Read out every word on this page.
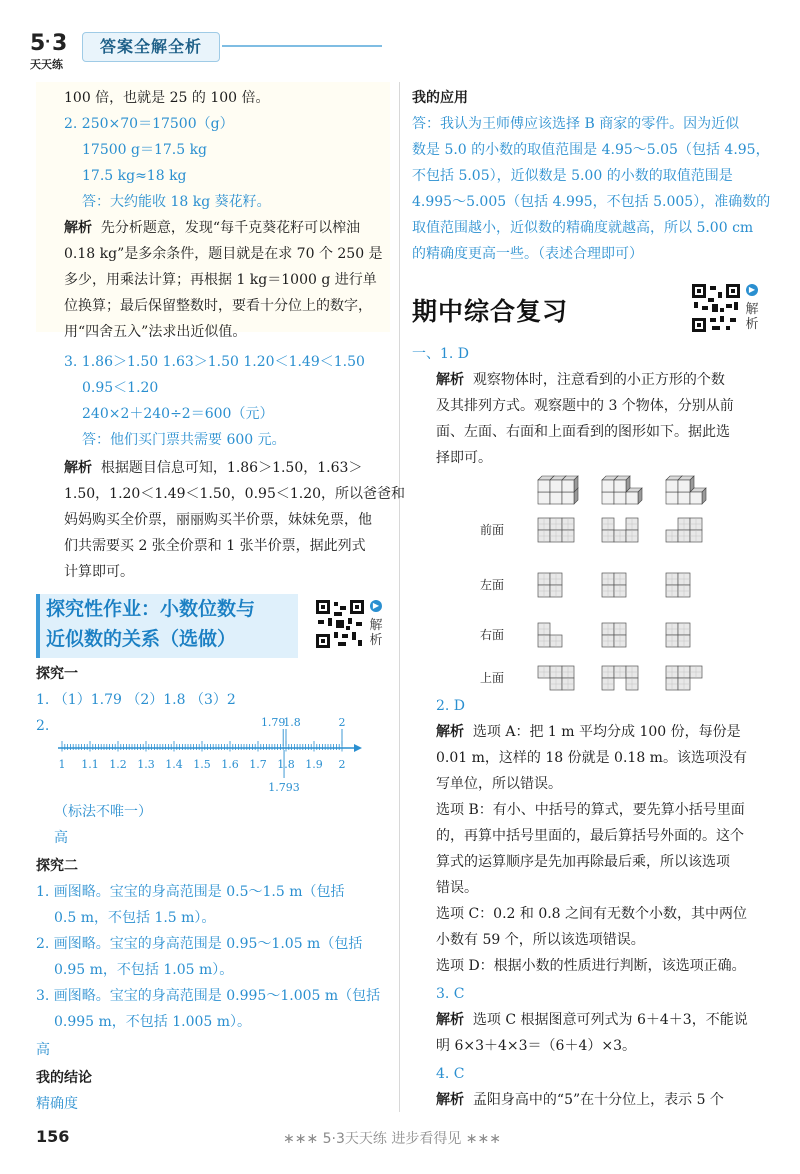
5 · 3
天天练
答案全解全析
100 倍，也就是 25 的 100 倍。
2. 250×70＝17500（g）
17500 g＝17.5 kg
17.5 kg≈18 kg
答：大约能收 18 kg 葵花籽。
解析 先分析题意，发现“每千克葵花籽可以榨油
0.18 kg”是多余条件，题目就是在求 70 个 250 是
多少，用乘法计算；再根据 1 kg＝1000 g 进行单
位换算；最后保留整数时，要看十分位上的数字，
用“四舍五入”法求出近似值。
3. 1.86＞1.50 1.63＞1.50 1.20＜1.49＜1.50
0.95＜1.20
240×2＋240÷2＝600（元）
答：他们买门票共需要 600 元。
解析 根据题目信息可知，1.86＞1.50，1.63＞
1.50，1.20＜1.49＜1.50，0.95＜1.20，所以爸爸和
妈妈购买全价票，丽丽购买半价票，妹妹免票，他
们共需要买 2 张全价票和 1 张半价票，据此列式
计算即可。
探究性作业：小数位数与
近似数的关系（选做）
▶
解析
探究一
1. （1）1.79 （2）1.8 （3）2
2.
1 1.1 1.2 1.3 1.4 1.5 1.6 1.7 1.8 1.9 2
1.79
1.8	2
1.793
（标法不唯一）
高
探究二
1. 画图略。宝宝的身高范围是 0.5～1.5 m（包括
0.5 m，不包括 1.5 m）。
2. 画图略。宝宝的身高范围是 0.95～1.05 m（包括
0.95 m，不包括 1.05 m）。
3. 画图略。宝宝的身高范围是 0.995～1.005 m（包括
0.995 m，不包括 1.005 m）。
高
我的结论
精确度
我的应用
答：我认为王师傅应该选择 B 商家的零件。因为近似
数是 5.0 的小数的取值范围是 4.95～5.05（包括 4.95，
不包括 5.05），近似数是 5.00 的小数的取值范围是
4.995～5.005（包括 4.995，不包括 5.005），准确数的
取值范围越小，近似数的精确度就越高，所以 5.00 cm
的精确度更高一些。（表述合理即可）
期中综合复习
▶
解析
一、1. D
解析 观察物体时，注意看到的小正方形的个数
及其排列方式。观察题中的 3 个物体，分别从前
面、左面、右面和上面看到的图形如下。据此选
择即可。
前面
左面
右面
上面
2. D
解析 选项 A：把 1 m 平均分成 100 份，每份是
0.01 m，这样的 18 份就是 0.18 m。该选项没有
写单位，所以错误。
选项 B：有小、中括号的算式，要先算小括号里面
的，再算中括号里面的，最后算括号外面的。这个
算式的运算顺序是先加再除最后乘，所以该选项
错误。
选项 C：0.2 和 0.8 之间有无数个小数，其中两位
小数有 59 个，所以该选项错误。
选项 D：根据小数的性质进行判断，该选项正确。
3. C
解析 选项 C 根据图意可列式为 6＋4＋3，不能说
明 6×3＋4×3＝（6＋4）×3。
4. C
解析 孟阳身高中的“5”在十分位上，表示 5 个
156	∗∗∗ 5·3天天练 进步看得见 ∗∗∗
